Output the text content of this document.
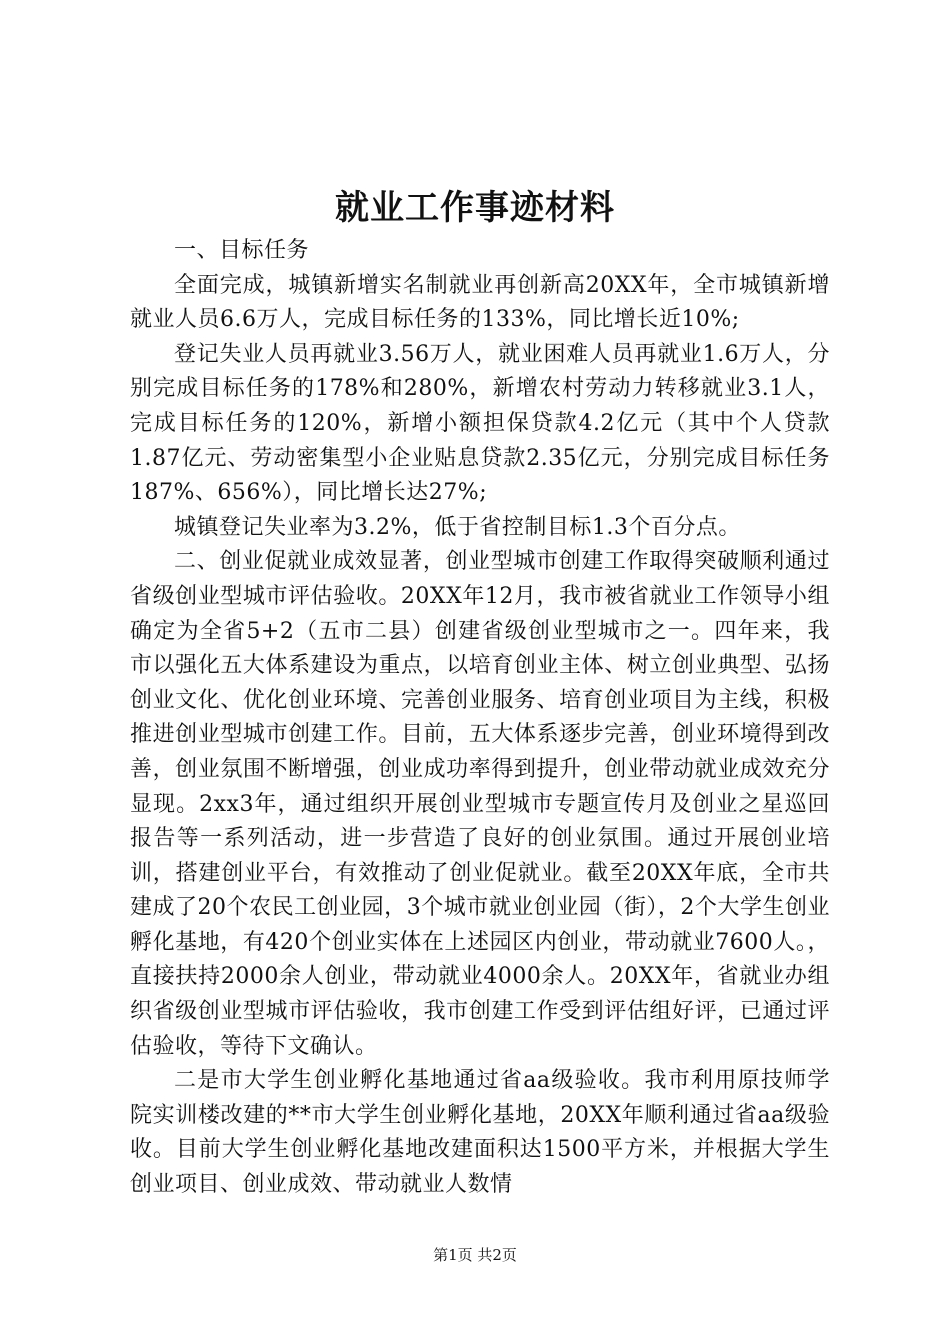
就业工作事迹材料

一、目标任务

全面完成，城镇新增实名制就业再创新高20XX年，全市城镇新增就业人员6.6万人，完成目标任务的133%，同比增长近10%;

登记失业人员再就业3.56万人，就业困难人员再就业1.6万人，分别完成目标任务的178%和280%，新增农村劳动力转移就业3.1人，完成目标任务的120%，新增小额担保贷款4.2亿元（其中个人贷款1.87亿元、劳动密集型小企业贴息贷款2.35亿元，分别完成目标任务187%、656%），同比增长达27%;

城镇登记失业率为3.2%，低于省控制目标1.3个百分点。

二、创业促就业成效显著，创业型城市创建工作取得突破顺利通过省级创业型城市评估验收。20XX年12月，我市被省就业工作领导小组确定为全省5+2（五市二县）创建省级创业型城市之一。四年来，我市以强化五大体系建设为重点，以培育创业主体、树立创业典型、弘扬创业文化、优化创业环境、完善创业服务、培育创业项目为主线，积极推进创业型城市创建工作。目前，五大体系逐步完善，创业环境得到改善，创业氛围不断增强，创业成功率得到提升，创业带动就业成效充分显现。2xx3年，通过组织开展创业型城市专题宣传月及创业之星巡回报告等一系列活动，进一步营造了良好的创业氛围。通过开展创业培训，搭建创业平台，有效推动了创业促就业。截至20XX年底，全市共建成了20个农民工创业园，3个城市就业创业园（街），2个大学生创业孵化基地，有420个创业实体在上述园区内创业，带动就业7600人。，直接扶持2000余人创业，带动就业4000余人。20XX年，省就业办组织省级创业型城市评估验收，我市创建工作受到评估组好评，已通过评估验收，等待下文确认。

二是市大学生创业孵化基地通过省aa级验收。我市利用原技师学院实训楼改建的**市大学生创业孵化基地，20XX年顺利通过省aa级验收。目前大学生创业孵化基地改建面积达1500平方米，并根据大学生创业项目、创业成效、带动就业人数情

第1页 共2页
